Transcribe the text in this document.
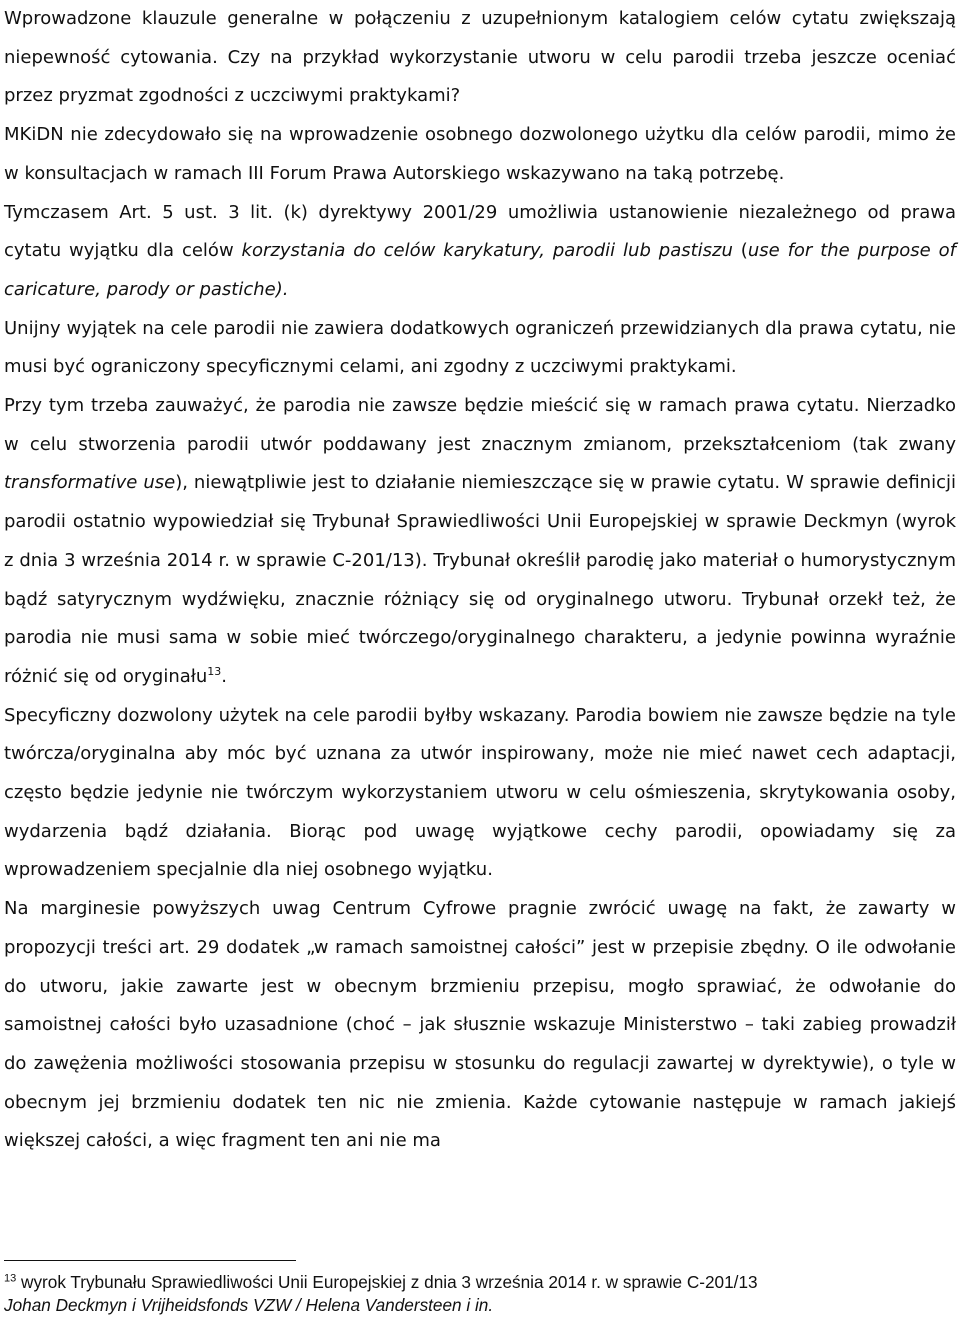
Wprowadzone klauzule generalne w połączeniu z uzupełnionym katalogiem celów cytatu zwiększają niepewność cytowania. Czy na przykład wykorzystanie utworu w celu parodii trzeba jeszcze oceniać przez pryzmat zgodności z uczciwymi praktykami?

MKiDN nie zdecydowało się na wprowadzenie osobnego dozwolonego użytku dla celów parodii, mimo że w konsultacjach w ramach III Forum Prawa Autorskiego wskazywano na taką potrzebę.

Tymczasem Art. 5 ust. 3 lit. (k) dyrektywy 2001/29 umożliwia ustanowienie niezależnego od prawa cytatu wyjątku dla celów korzystania do celów karykatury, parodii lub pastiszu (use for the purpose of caricature, parody or pastiche).

Unijny wyjątek na cele parodii nie zawiera dodatkowych ograniczeń przewidzianych dla prawa cytatu, nie musi być ograniczony specyficznymi celami, ani zgodny z uczciwymi praktykami.

Przy tym trzeba zauważyć, że parodia nie zawsze będzie mieścić się w ramach prawa cytatu. Nierzadko w celu stworzenia parodii utwór poddawany jest znacznym zmianom, przekształceniom (tak zwany transformative use), niewątpliwie jest to działanie niemieszczące się w prawie cytatu. W sprawie definicji parodii ostatnio wypowiedział się Trybunał Sprawiedliwości Unii Europejskiej w sprawie Deckmyn (wyrok z dnia 3 września 2014 r. w sprawie C-201/13). Trybunał określił parodię jako materiał o humorystycznym bądź satyrycznym wydźwięku, znacznie różniący się od oryginalnego utworu. Trybunał orzekł też, że parodia nie musi sama w sobie mieć twórczego/oryginalnego charakteru, a jedynie powinna wyraźnie różnić się od oryginału$^{13}$.

Specyficzny dozwolony użytek na cele parodii byłby wskazany. Parodia bowiem nie zawsze będzie na tyle twórcza/oryginalna aby móc być uznana za utwór inspirowany, może nie mieć nawet cech adaptacji, często będzie jedynie nie twórczym wykorzystaniem utworu w celu ośmieszenia, skrytykowania osoby, wydarzenia bądź działania. Biorąc pod uwagę wyjątkowe cechy parodii, opowiadamy się za wprowadzeniem specjalnie dla niej osobnego wyjątku.

Na marginesie powyższych uwag Centrum Cyfrowe pragnie zwrócić uwagę na fakt, że zawarty w propozycji treści art. 29 dodatek „w ramach samoistnej całości” jest w przepisie zbędny. O ile odwołanie do utworu, jakie zawarte jest w obecnym brzmieniu przepisu, mogło sprawiać, że odwołanie do samoistnej całości było uzasadnione (choć – jak słusznie wskazuje Ministerstwo – taki zabieg prowadził do zawężenia możliwości stosowania przepisu w stosunku do regulacji zawartej w dyrektywie), o tyle w obecnym jej brzmieniu dodatek ten nic nie zmienia. Każde cytowanie następuje w ramach jakiejś większej całości, a więc fragment ten ani nie ma

$^{13}$ wyrok Trybunału Sprawiedliwości Unii Europejskiej z dnia 3 września 2014 r. w sprawie C-201/13
Johan Deckmyn i Vrijheidsfonds VZW / Helena Vandersteen i in.
